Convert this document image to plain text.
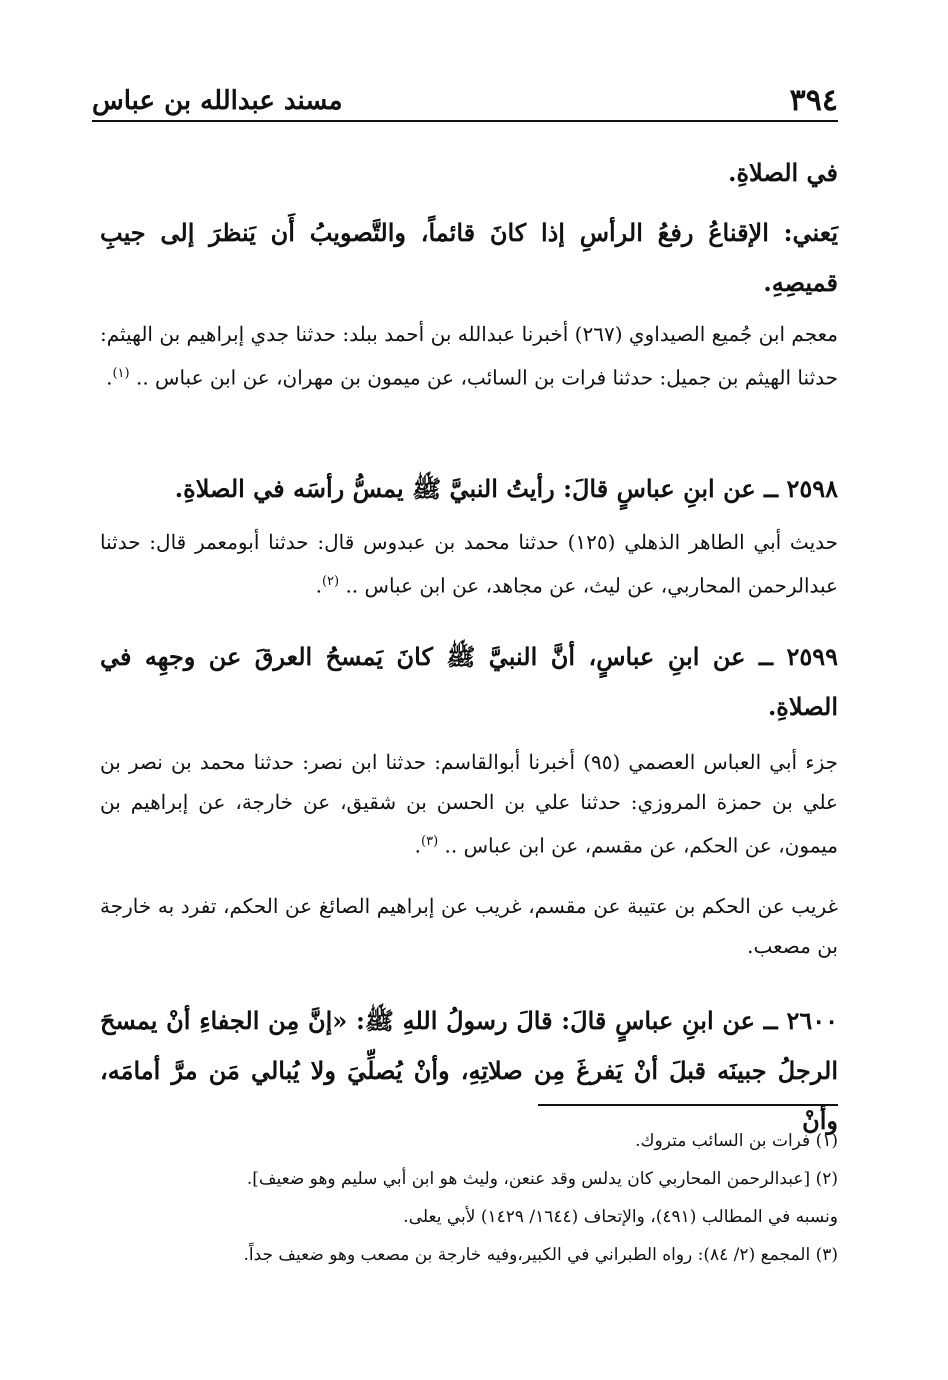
٣٩٤
مسند عبدالله بن عباس

في الصلاةِ.

يَعني: الإقناعُ رفعُ الرأسِ إذا كانَ قائماً، والتَّصويبُ أَن يَنظرَ إلى جيبِ قميصِهِ.

معجم ابن جُميع الصيداوي (٢٦٧) أخبرنا عبدالله بن أحمد ببلد: حدثنا جدي إبراهيم بن الهيثم: حدثنا الهيثم بن جميل: حدثنا فرات بن السائب، عن ميمون بن مهران، عن ابن عباس .. $^{(١)}$.

٢٥٩٨ ــ عن ابنِ عباسٍ قالَ: رأيتُ النبيَّ ﷺ يمسُّ رأسَه في الصلاةِ.

حديث أبي الطاهر الذهلي (١٢٥) حدثنا محمد بن عبدوس قال: حدثنا أبومعمر قال: حدثنا عبدالرحمن المحاربي، عن ليث، عن مجاهد، عن ابن عباس .. $^{(٢)}$.

٢٥٩٩ ــ عن ابنِ عباسٍ، أنَّ النبيَّ ﷺ كانَ يَمسحُ العرقَ عن وجهِه في الصلاةِ.

جزء أبي العباس العصمي (٩٥) أخبرنا أبوالقاسم: حدثنا ابن نصر: حدثنا محمد بن نصر بن علي بن حمزة المروزي: حدثنا علي بن الحسن بن شقيق، عن خارجة، عن إبراهيم بن ميمون، عن الحكم، عن مقسم، عن ابن عباس .. $^{(٣)}$.

غريب عن الحكم بن عتيبة عن مقسم، غريب عن إبراهيم الصائغ عن الحكم، تفرد به خارجة بن مصعب.

٢٦٠٠ ــ عن ابنِ عباسٍ قالَ: قالَ رسولُ اللهِ ﷺ: «إنَّ مِن الجفاءِ أنْ يمسحَ الرجلُ جبينَه قبلَ أنْ يَفرغَ مِن صلاتِهِ، وأنْ يُصلِّيَ ولا يُبالي مَن مرَّ أمامَه، وأنْ

(١) فرات بن السائب متروك.

(٢) [عبدالرحمن المحاربي كان يدلس وقد عنعن، وليث هو ابن أبي سليم وهو ضعيف].

ونسبه في المطالب (٤٩١)، والإتحاف (١٦٤٤/ ١٤٢٩) لأبي يعلى.

(٣) المجمع (٢/ ٨٤): رواه الطبراني في الكبير،وفيه خارجة بن مصعب وهو ضعيف جداً.
